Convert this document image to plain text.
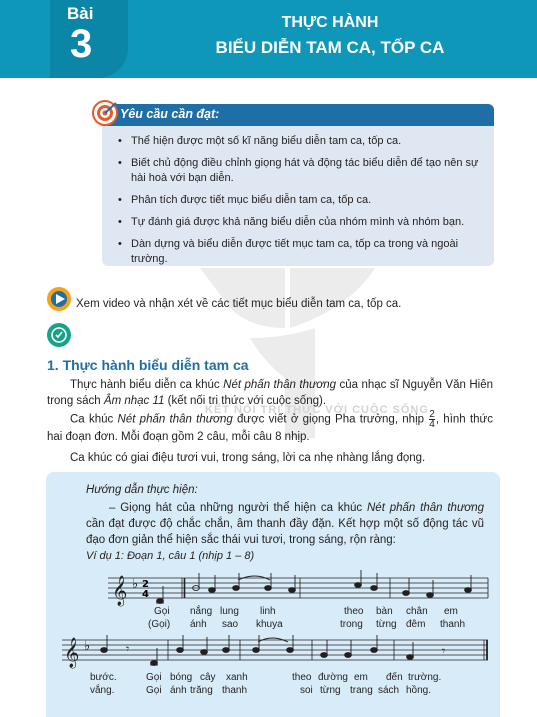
Bài
3	THỰC HÀNH
BIỂU DIỄN TAM CA, TỐP CA
KẾT NỐI TRI THỨC VỚI CUỘC SỐNG
Yêu cầu cần đạt:
• Thể hiện được một số kĩ năng biểu diễn tam ca, tốp ca.
• Biết chủ động điều chỉnh giọng hát và động tác biểu diễn để tạo nên sự hài hoà với bạn diễn.
• Phân tích được tiết mục biểu diễn tam ca, tốp ca.
• Tự đánh giá được khả năng biểu diễn của nhóm mình và nhóm bạn.
• Dàn dựng và biểu diễn được tiết mục tam ca, tốp ca trong và ngoài trường.
Xem video và nhận xét về các tiết mục biểu diễn tam ca, tốp ca.
1. Thực hành biểu diễn tam ca

  Thực hành biểu diễn ca khúc Nét phấn thân thương của nhạc sĩ Nguyễn Văn Hiên trong sách Âm nhạc 11 (kết nối tri thức với cuộc sống).

  Ca khúc Nét phấn thân thương được viết ở giọng Pha trưởng, nhịp $\frac{2}{4}$ , hình thức hai đoạn đơn. Mỗi đoạn gồm 2 câu, mỗi câu 8 nhịp.

  Ca khúc có giai điệu tươi vui, trong sáng, lời ca nhẹ nhàng lắng đọng.

Hướng dẫn thực hiện:

  – Giọng hát của những người thể hiện ca khúc Nét phấn thân thương cần đạt được độ chắc chắn, âm thanh đầy đặn. Kết hợp một số động tác vũ đạo đơn giản thể hiện sắc thái vui tươi, trong sáng, rộn ràng:

Ví dụ 1: Đoạn 1, câu 1 (nhịp 1 – 8)
𝄞 ♭ 2
4
𝄞 ♭	𝄾	𝄾
Gọi nắng lung linh	theo bàn chân em
(Gọi) ánh sao khuya	trong từng đêm thanh
bước.	Gọi bóng cây xanh	theo đường em đến trường.
vắng.	Gọi ánh trăng thanh	soi từng trang sách hồng.
